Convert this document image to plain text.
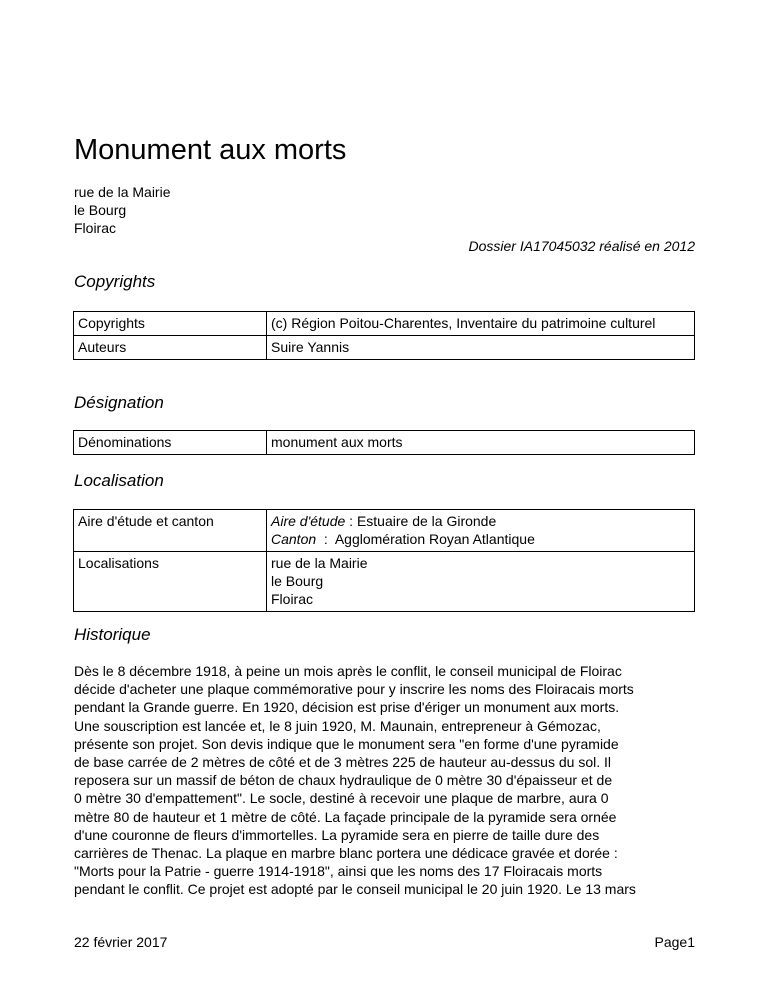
Monument aux morts
rue de la Mairie
le Bourg
Floirac
Dossier IA17045032 réalisé en 2012
Copyrights
Copyrights	(c) Région Poitou-Charentes, Inventaire du patrimoine culturel
Auteurs	Suire Yannis
Désignation
Dénominations	monument aux morts
Localisation
Aire d'étude et canton	Aire d'étude : Estuaire de la Gironde
Canton  :  Agglomération Royan Atlantique

Localisations	rue de la Mairie
le Bourg
Floirac
Historique
Dès le 8 décembre 1918, à peine un mois après le conflit, le conseil municipal de Floirac
décide d'acheter une plaque commémorative pour y inscrire les noms des Floiracais morts
pendant la Grande guerre. En 1920, décision est prise d'ériger un monument aux morts.
Une souscription est lancée et, le 8 juin 1920, M. Maunain, entrepreneur à Gémozac,
présente son projet. Son devis indique que le monument sera "en forme d'une pyramide
de base carrée de 2 mètres de côté et de 3 mètres 225 de hauteur au-dessus du sol. Il
reposera sur un massif de béton de chaux hydraulique de 0 mètre 30 d'épaisseur et de
0 mètre 30 d'empattement". Le socle, destiné à recevoir une plaque de marbre, aura 0
mètre 80 de hauteur et 1 mètre de côté. La façade principale de la pyramide sera ornée
d'une couronne de fleurs d'immortelles. La pyramide sera en pierre de taille dure des
carrières de Thenac. La plaque en marbre blanc portera une dédicace gravée et dorée :
"Morts pour la Patrie - guerre 1914-1918", ainsi que les noms des 17 Floiracais morts
pendant le conflit. Ce projet est adopté par le conseil municipal le 20 juin 1920. Le 13 mars
22 février 2017	Page1
